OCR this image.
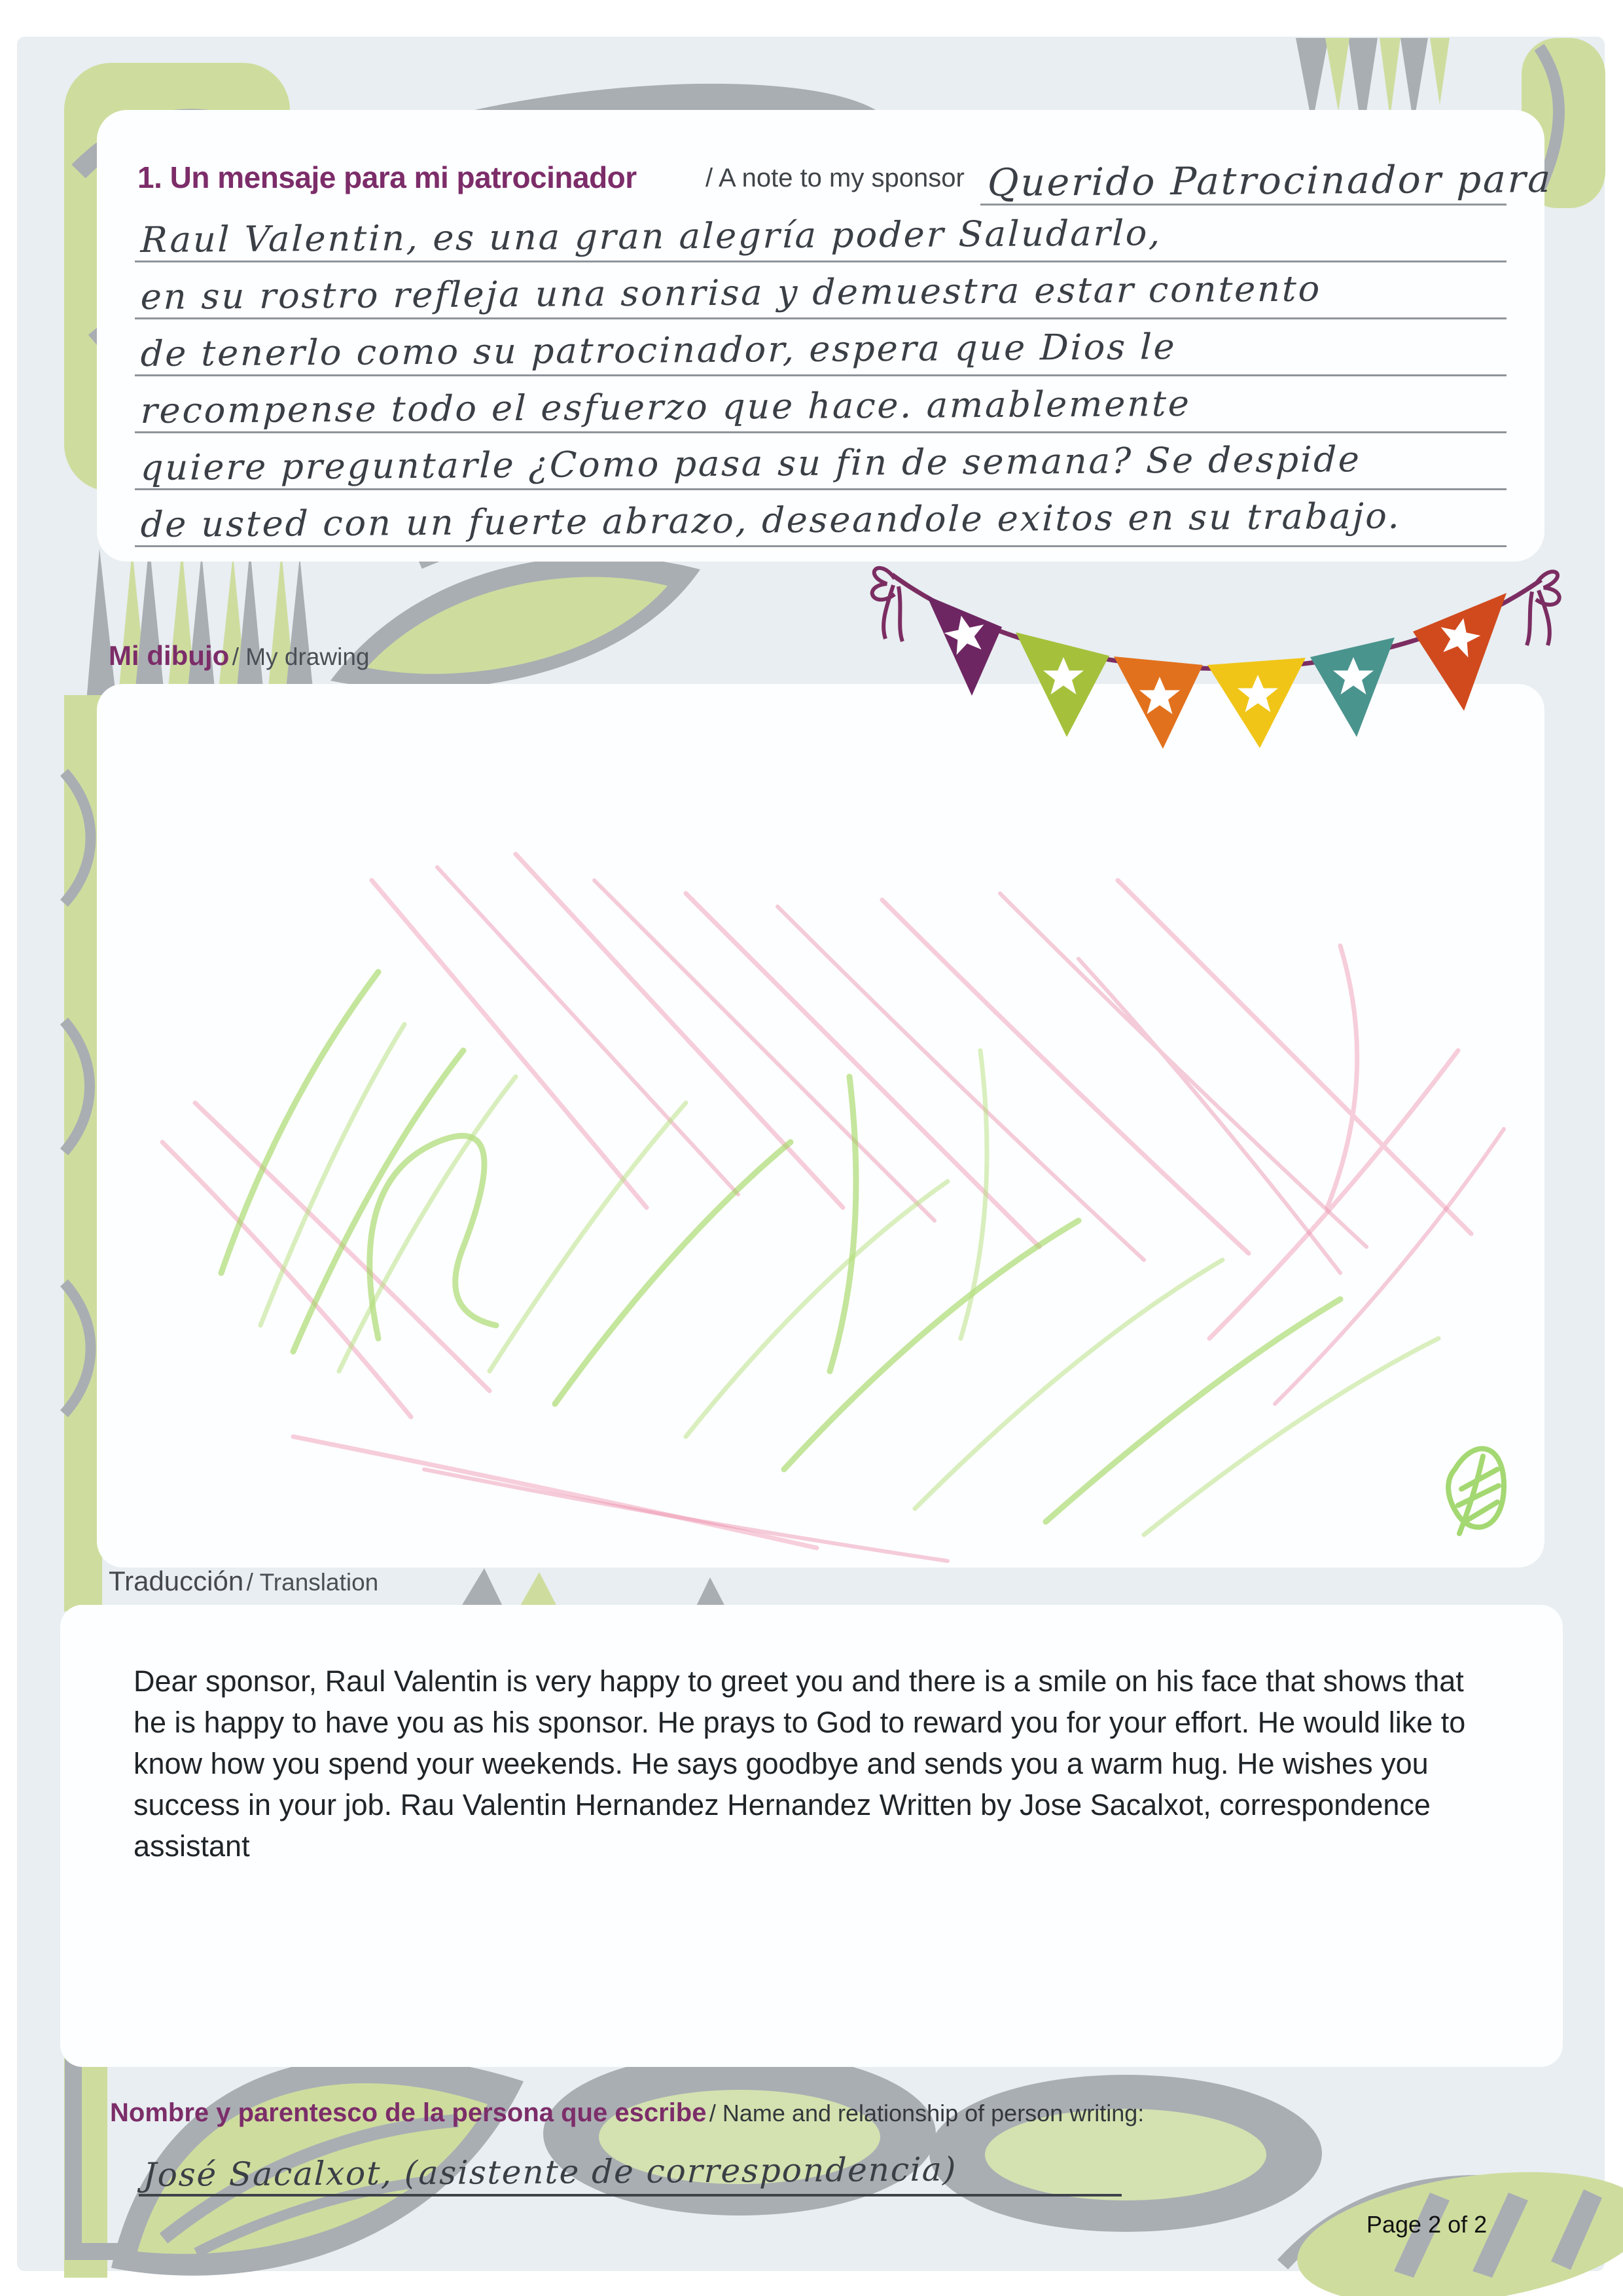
1. Un mensaje para mi patrocinador	/ A note to my sponsor Querido Patrocinador para
Raul Valentin, es una gran alegría poder Saludarlo,
en su rostro refleja una sonrisa y demuestra estar contento
de tenerlo como su patrocinador, espera que Dios le
recompense todo el esfuerzo que hace. amablemente
quiere preguntarle ¿Como pasa su fin de semana? Se despide
de usted con un fuerte abrazo, deseandole exitos en su trabajo.
Mi dibujo / My drawing
Traducción / Translation

Dear sponsor, Raul Valentin is very happy to greet you and there is a smile on his face that shows that he is happy to have you as his sponsor. He prays to God to reward you for your effort. He would like to know how you spend your weekends. He says goodbye and sends you a warm hug. He wishes you success in your job. Rau Valentin Hernandez Hernandez Written by Jose Sacalxot, correspondence assistant

Nombre y parentesco de la persona que escribe / Name and relationship of person writing:
José Sacalxot, (asistente de correspondencia)
Page 2 of 2
